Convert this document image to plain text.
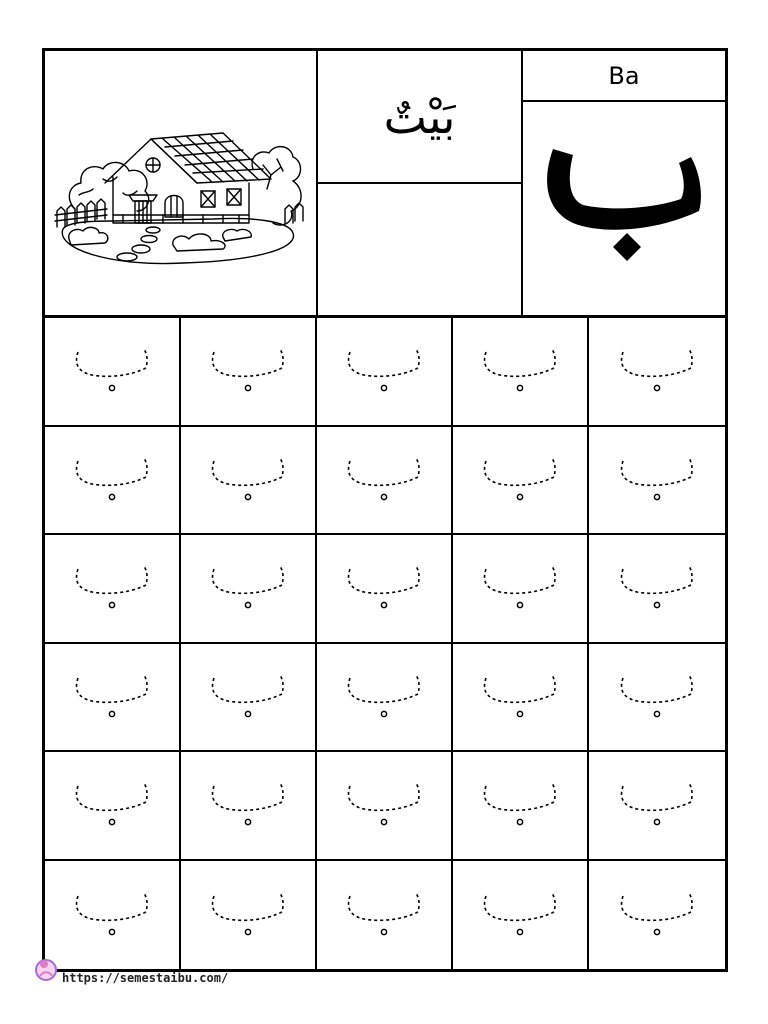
بَيْتٌ
Ba
https://semestaibu.com/
